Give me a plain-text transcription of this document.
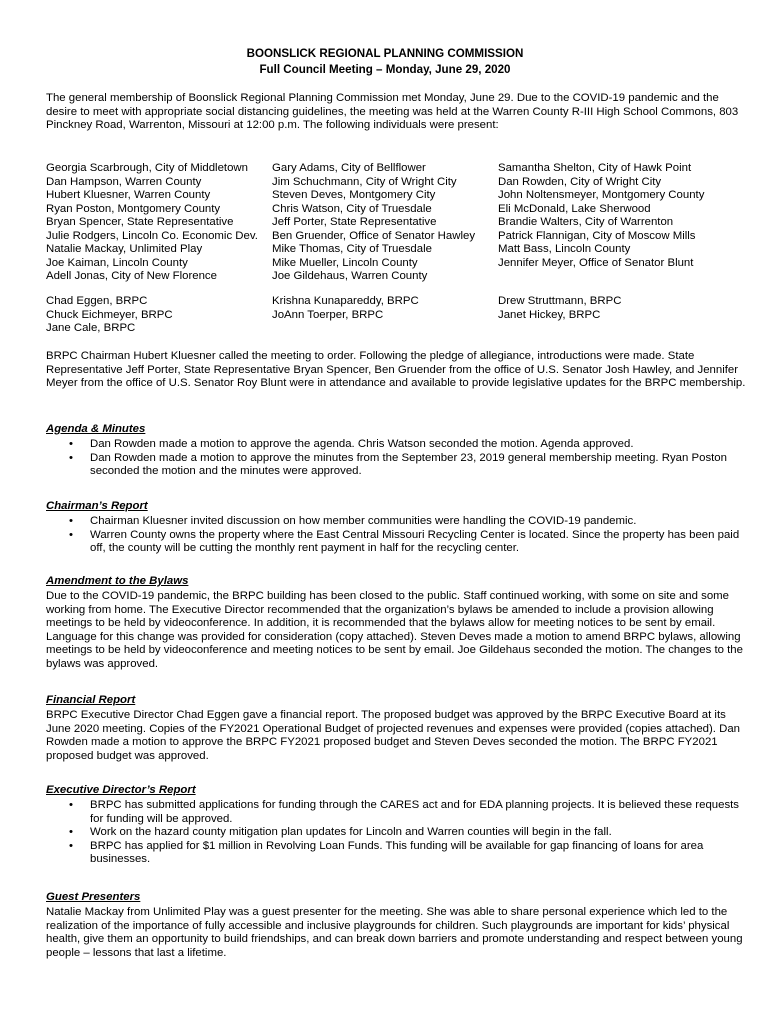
BOONSLICK REGIONAL PLANNING COMMISSION
Full Council Meeting – Monday, June 29, 2020
The general membership of Boonslick Regional Planning Commission met Monday, June 29. Due to the COVID-19 pandemic and the desire to meet with appropriate social distancing guidelines, the meeting was held at the Warren County R-III High School Commons, 803 Pinckney Road, Warrenton, Missouri at 12:00 p.m. The following individuals were present:
Georgia Scarbrough, City of Middletown
Dan Hampson, Warren County
Hubert Kluesner, Warren County
Ryan Poston, Montgomery County
Bryan Spencer, State Representative
Julie Rodgers, Lincoln Co. Economic Dev.
Natalie Mackay, Unlimited Play
Joe Kaiman, Lincoln County
Adell Jonas, City of New Florence
Gary Adams, City of Bellflower
Jim Schuchmann, City of Wright City
Steven Deves, Montgomery City
Chris Watson, City of Truesdale
Jeff Porter, State Representative
Ben Gruender, Office of Senator Hawley
Mike Thomas, City of Truesdale
Mike Mueller, Lincoln County
Joe Gildehaus, Warren County
Samantha Shelton, City of Hawk Point
Dan Rowden, City of Wright City
John Noltensmeyer, Montgomery County
Eli McDonald, Lake Sherwood
Brandie Walters, City of Warrenton
Patrick Flannigan, City of Moscow Mills
Matt Bass, Lincoln County
Jennifer Meyer, Office of Senator Blunt
Chad Eggen, BRPC
Chuck Eichmeyer, BRPC
Jane Cale, BRPC
Krishna Kunapareddy, BRPC
JoAnn Toerper, BRPC
Drew Struttmann, BRPC
Janet Hickey, BRPC
BRPC Chairman Hubert Kluesner called the meeting to order. Following the pledge of allegiance, introductions were made. State Representative Jeff Porter, State Representative Bryan Spencer, Ben Gruender from the office of U.S. Senator Josh Hawley, and Jennifer Meyer from the office of U.S. Senator Roy Blunt were in attendance and available to provide legislative updates for the BRPC membership.
Agenda & Minutes
• Dan Rowden made a motion to approve the agenda. Chris Watson seconded the motion. Agenda approved.
• Dan Rowden made a motion to approve the minutes from the September 23, 2019 general membership meeting. Ryan Poston seconded the motion and the minutes were approved.
Chairman’s Report
• Chairman Kluesner invited discussion on how member communities were handling the COVID-19 pandemic.
• Warren County owns the property where the East Central Missouri Recycling Center is located. Since the property has been paid off, the county will be cutting the monthly rent payment in half for the recycling center.
Amendment to the Bylaws
Due to the COVID-19 pandemic, the BRPC building has been closed to the public. Staff continued working, with some on site and some working from home. The Executive Director recommended that the organization’s bylaws be amended to include a provision allowing meetings to be held by videoconference. In addition, it is recommended that the bylaws allow for meeting notices to be sent by email. Language for this change was provided for consideration (copy attached). Steven Deves made a motion to amend BRPC bylaws, allowing meetings to be held by videoconference and meeting notices to be sent by email. Joe Gildehaus seconded the motion. The changes to the bylaws was approved.
Financial Report
BRPC Executive Director Chad Eggen gave a financial report. The proposed budget was approved by the BRPC Executive Board at its June 2020 meeting. Copies of the FY2021 Operational Budget of projected revenues and expenses were provided (copies attached). Dan Rowden made a motion to approve the BRPC FY2021 proposed budget and Steven Deves seconded the motion. The BRPC FY2021 proposed budget was approved.
Executive Director’s Report
• BRPC has submitted applications for funding through the CARES act and for EDA planning projects. It is believed these requests for funding will be approved.
• Work on the hazard county mitigation plan updates for Lincoln and Warren counties will begin in the fall.
• BRPC has applied for $1 million in Revolving Loan Funds. This funding will be available for gap financing of loans for area businesses.
Guest Presenters
Natalie Mackay from Unlimited Play was a guest presenter for the meeting. She was able to share personal experience which led to the realization of the importance of fully accessible and inclusive playgrounds for children. Such playgrounds are important for kids’ physical health, give them an opportunity to build friendships, and can break down barriers and promote understanding and respect between young people – lessons that last a lifetime.
